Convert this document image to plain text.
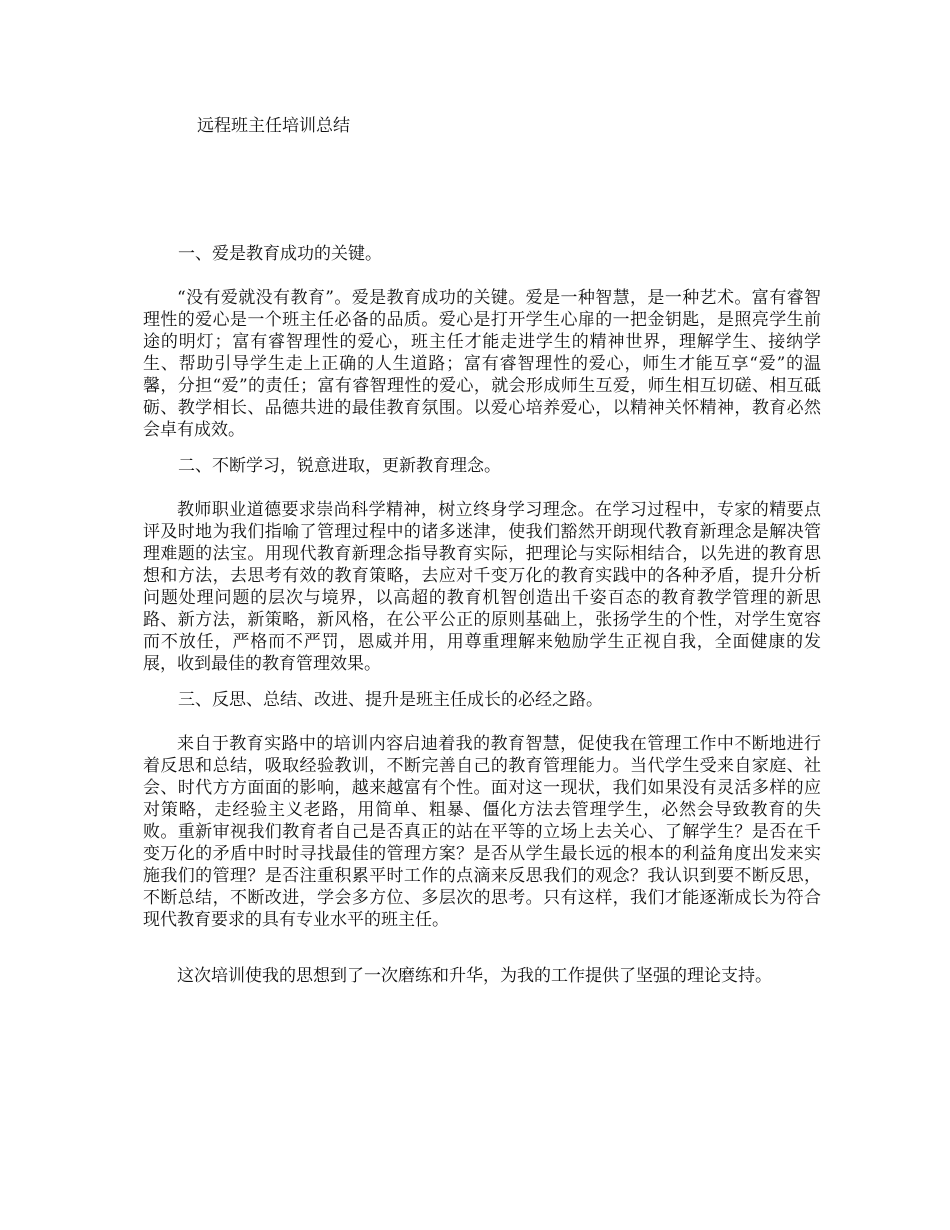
远程班主任培训总结
一、爱是教育成功的关键。

“没有爱就没有教育”。爱是教育成功的关键。爱是一种智慧，是一种艺术。富有睿智理性的爱心是一个班主任必备的品质。爱心是打开学生心扉的一把金钥匙，是照亮学生前途的明灯；富有睿智理性的爱心，班主任才能走进学生的精神世界，理解学生、接纳学生、帮助引导学生走上正确的人生道路；富有睿智理性的爱心，师生才能互享“爱”的温馨，分担“爱”的责任；富有睿智理性的爱心，就会形成师生互爱，师生相互切磋、相互砥砺、教学相长、品德共进的最佳教育氛围。以爱心培养爱心，以精神关怀精神，教育必然会卓有成效。

二、不断学习，锐意进取，更新教育理念。

教师职业道德要求崇尚科学精神，树立终身学习理念。在学习过程中，专家的精要点评及时地为我们指喻了管理过程中的诸多迷津，使我们豁然开朗现代教育新理念是解决管理难题的法宝。用现代教育新理念指导教育实际，把理论与实际相结合，以先进的教育思想和方法，去思考有效的教育策略，去应对千变万化的教育实践中的各种矛盾，提升分析问题处理问题的层次与境界，以高超的教育机智创造出千姿百态的教育教学管理的新思路、新方法，新策略，新风格，在公平公正的原则基础上，张扬学生的个性，对学生宽容而不放任，严格而不严罚，恩威并用，用尊重理解来勉励学生正视自我，全面健康的发展，收到最佳的教育管理效果。

三、反思、总结、改进、提升是班主任成长的必经之路。

来自于教育实路中的培训内容启迪着我的教育智慧，促使我在管理工作中不断地进行着反思和总结，吸取经验教训，不断完善自己的教育管理能力。当代学生受来自家庭、社会、时代方方面面的影响，越来越富有个性。面对这一现状，我们如果没有灵活多样的应对策略，走经验主义老路，用简单、粗暴、僵化方法去管理学生，必然会导致教育的失败。重新审视我们教育者自己是否真正的站在平等的立场上去关心、了解学生？是否在千变万化的矛盾中时时寻找最佳的管理方案？是否从学生最长远的根本的利益角度出发来实施我们的管理？是否注重积累平时工作的点滴来反思我们的观念？我认识到要不断反思，不断总结，不断改进，学会多方位、多层次的思考。只有这样，我们才能逐渐成长为符合现代教育要求的具有专业水平的班主任。

这次培训使我的思想到了一次磨练和升华，为我的工作提供了坚强的理论支持。
